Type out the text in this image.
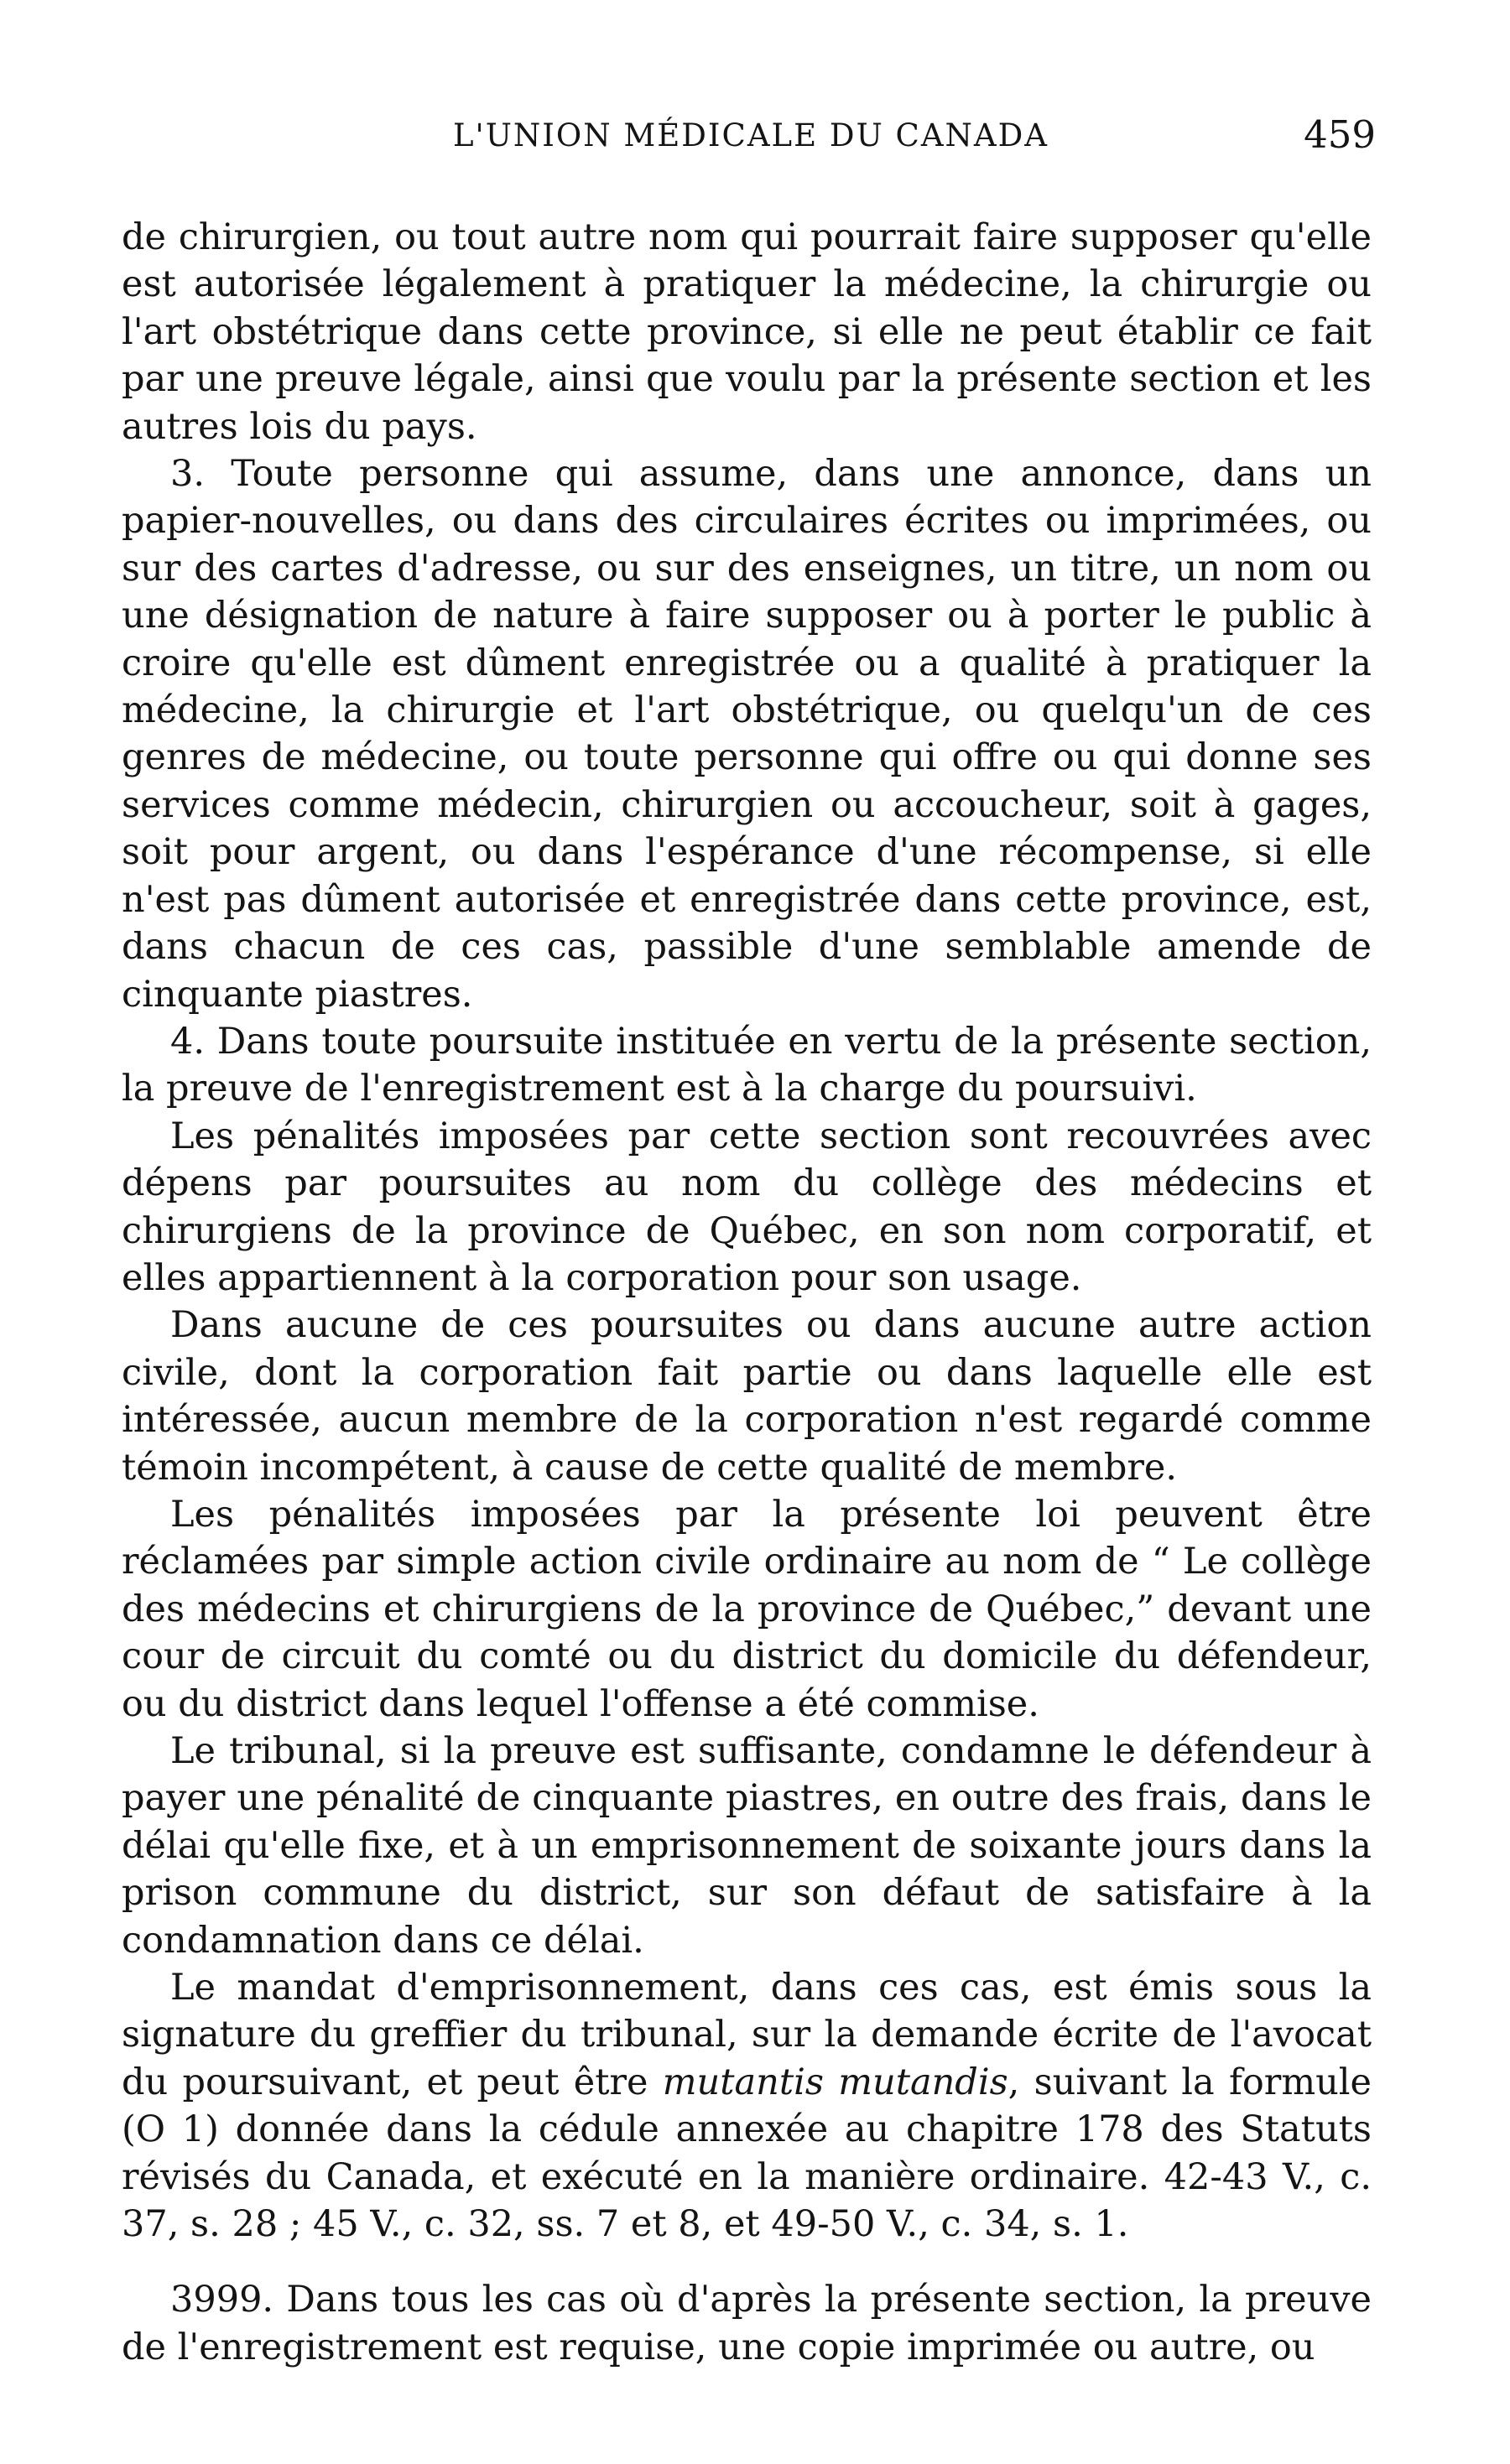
L'UNION MÉDICALE DU CANADA	459

de chirurgien, ou tout autre nom qui pourrait faire supposer qu'elle est autorisée légalement à pratiquer la médecine, la chirurgie ou l'art obstétrique dans cette province, si elle ne peut établir ce fait par une preuve légale, ainsi que voulu par la présente section et les autres lois du pays.

3. Toute personne qui assume, dans une annonce, dans un papier-nouvelles, ou dans des circulaires écrites ou imprimées, ou sur des cartes d'adresse, ou sur des enseignes, un titre, un nom ou une désignation de nature à faire supposer ou à porter le public à croire qu'elle est dûment enregistrée ou a qualité à pratiquer la médecine, la chirurgie et l'art obstétrique, ou quelqu'un de ces genres de médecine, ou toute personne qui offre ou qui donne ses services comme médecin, chirurgien ou accoucheur, soit à gages, soit pour argent, ou dans l'espérance d'une récompense, si elle n'est pas dûment autorisée et enregistrée dans cette province, est, dans chacun de ces cas, passible d'une semblable amende de cinquante piastres.

4. Dans toute poursuite instituée en vertu de la présente section, la preuve de l'enregistrement est à la charge du poursuivi.

Les pénalités imposées par cette section sont recouvrées avec dépens par poursuites au nom du collège des médecins et chirurgiens de la province de Québec, en son nom corporatif, et elles appartiennent à la corporation pour son usage.

Dans aucune de ces poursuites ou dans aucune autre action civile, dont la corporation fait partie ou dans laquelle elle est intéressée, aucun membre de la corporation n'est regardé comme témoin incompétent, à cause de cette qualité de membre.

Les pénalités imposées par la présente loi peuvent être réclamées par simple action civile ordinaire au nom de “ Le collège des médecins et chirurgiens de la province de Québec,” devant une cour de circuit du comté ou du district du domicile du défendeur, ou du district dans lequel l'offense a été commise.

Le tribunal, si la preuve est suffisante, condamne le défendeur à payer une pénalité de cinquante piastres, en outre des frais, dans le délai qu'elle fixe, et à un emprisonnement de soixante jours dans la prison commune du district, sur son défaut de satisfaire à la condamnation dans ce délai.

Le mandat d'emprisonnement, dans ces cas, est émis sous la signature du greffier du tribunal, sur la demande écrite de l'avocat du poursuivant, et peut être mutantis mutandis, suivant la formule (O 1) donnée dans la cédule annexée au chapitre 178 des Statuts révisés du Canada, et exécuté en la manière ordinaire. 42-43 V., c. 37, s. 28 ; 45 V., c. 32, ss. 7 et 8, et 49-50 V., c. 34, s. 1.

3999. Dans tous les cas où d'après la présente section, la preuve de l'enregistrement est requise, une copie imprimée ou autre, ou
